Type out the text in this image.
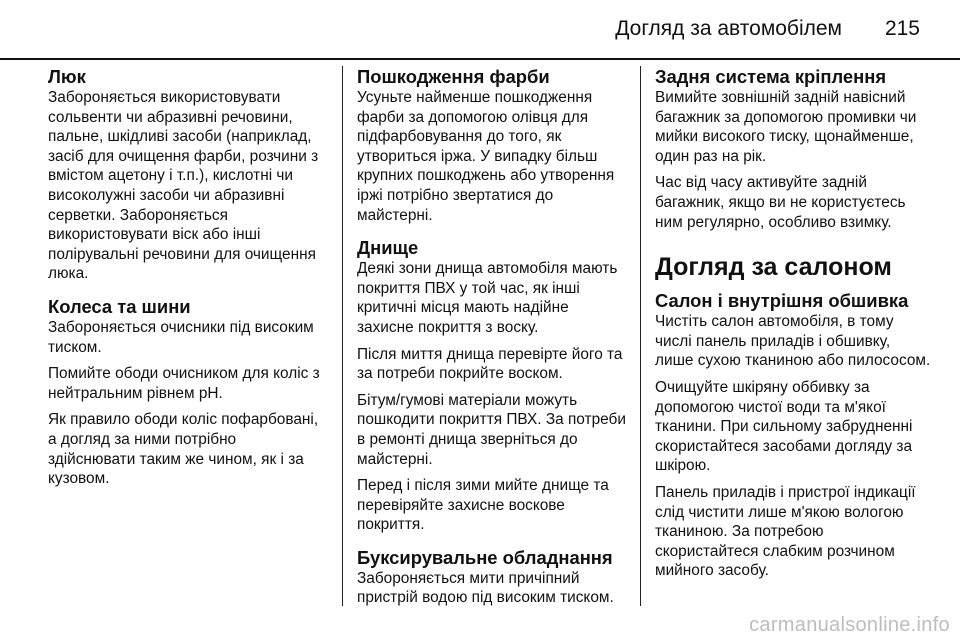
Догляд за автомобілем 215
Люк

Забороняється використовувати сольвенти чи абразивні речовини, пальне, шкідливі засоби (наприклад, засіб для очищення фарби, розчини з вмістом ацетону і т.п.), кислотні чи високолужні засоби чи абразивні серветки. Забороняється використовувати віск або інші полірувальні речовини для очищення люка.

Колеса та шини

Забороняється очисники під високим тиском.

Помийте ободи очисником для коліс з нейтральним рівнем pH.

Як правило ободи коліс пофарбовані, а догляд за ними потрібно здійснювати таким же чином, як і за кузовом.

Пошкодження фарби

Усуньте найменше пошкодження фарби за допомогою олівця для підфарбовування до того, як утвориться іржа. У випадку більш крупних пошкоджень або утворення іржі потрібно звертатися до майстерні.

Днище

Деякі зони днища автомобіля мають покриття ПВХ у той час, як інші критичні місця мають надійне захисне покриття з воску.

Після миття днища перевірте його та за потреби покрийте воском.

Бітум/гумові матеріали можуть пошкодити покриття ПВХ. За потреби в ремонті днища зверніться до майстерні.

Перед і після зими мийте днище та перевіряйте захисне воскове покриття.

Буксирувальне обладнання

Забороняється мити причіпний пристрій водою під високим тиском.

Задня система кріплення

Вимийте зовнішній задній навісний багажник за допомогою промивки чи мийки високого тиску, щонайменше, один раз на рік.

Час від часу активуйте задній багажник, якщо ви не користуєтесь ним регулярно, особливо взимку.

Догляд за салоном
Салон і внутрішня обшивка

Чистіть салон автомобіля, в тому числі панель приладів і обшивку, лише сухою тканиною або пилососом.

Очищуйте шкіряну оббивку за допомогою чистої води та м'якої тканини. При сильному забрудненні скористайтеся засобами догляду за шкірою.

Панель приладів і пристрої індикації слід чистити лише м'якою вологою тканиною. За потребою скористайтеся слабким розчином мийного засобу.

carmanualsonline.info
